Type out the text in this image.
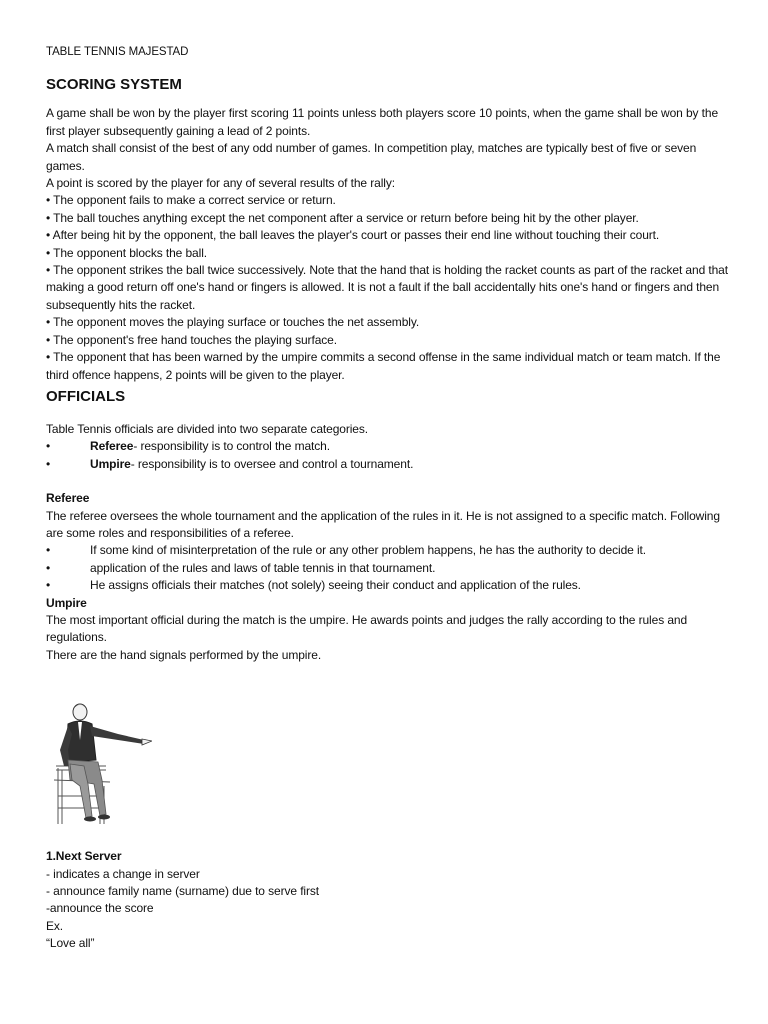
TABLE TENNIS MAJESTAD
SCORING SYSTEM

A game shall be won by the player first scoring 11 points unless both players score 10 points, when the game shall be won by the first player subsequently gaining a lead of 2 points.

A match shall consist of the best of any odd number of games. In competition play, matches are typically best of five or seven games.

A point is scored by the player for any of several results of the rally:

• The opponent fails to make a correct service or return.

• The ball touches anything except the net component after a service or return before being hit by the other player.

• After being hit by the opponent, the ball leaves the player's court or passes their end line without touching their court.

• The opponent blocks the ball.

• The opponent strikes the ball twice successively. Note that the hand that is holding the racket counts as part of the racket and that making a good return off one's hand or fingers is allowed. It is not a fault if the ball accidentally hits one's hand or fingers and then subsequently hits the racket.

• The opponent moves the playing surface or touches the net assembly.

• The opponent's free hand touches the playing surface.

• The opponent that has been warned by the umpire commits a second offense in the same individual match or team match. If the third offence happens, 2 points will be given to the player.

OFFICIALS

Table Tennis officials are divided into two separate categories.

•	Referee- responsibility is to control the match.
•	Umpire- responsibility is to oversee and control a tournament.

Referee

The referee oversees the whole tournament and the application of the rules in it. He is not assigned to a specific match. Following are some roles and responsibilities of a referee.

•	If some kind of misinterpretation of the rule or any other problem happens, he has the authority to decide it.
•	application of the rules and laws of table tennis in that tournament.
•	He assigns officials their matches (not solely) seeing their conduct and application of the rules.

Umpire

The most important official during the match is the umpire. He awards points and judges the rally according to the rules and regulations.

There are the hand signals performed by the umpire.

1.Next Server

- indicates a change in server

- announce family name (surname) due to serve first

-announce the score

Ex.

“Love all”
